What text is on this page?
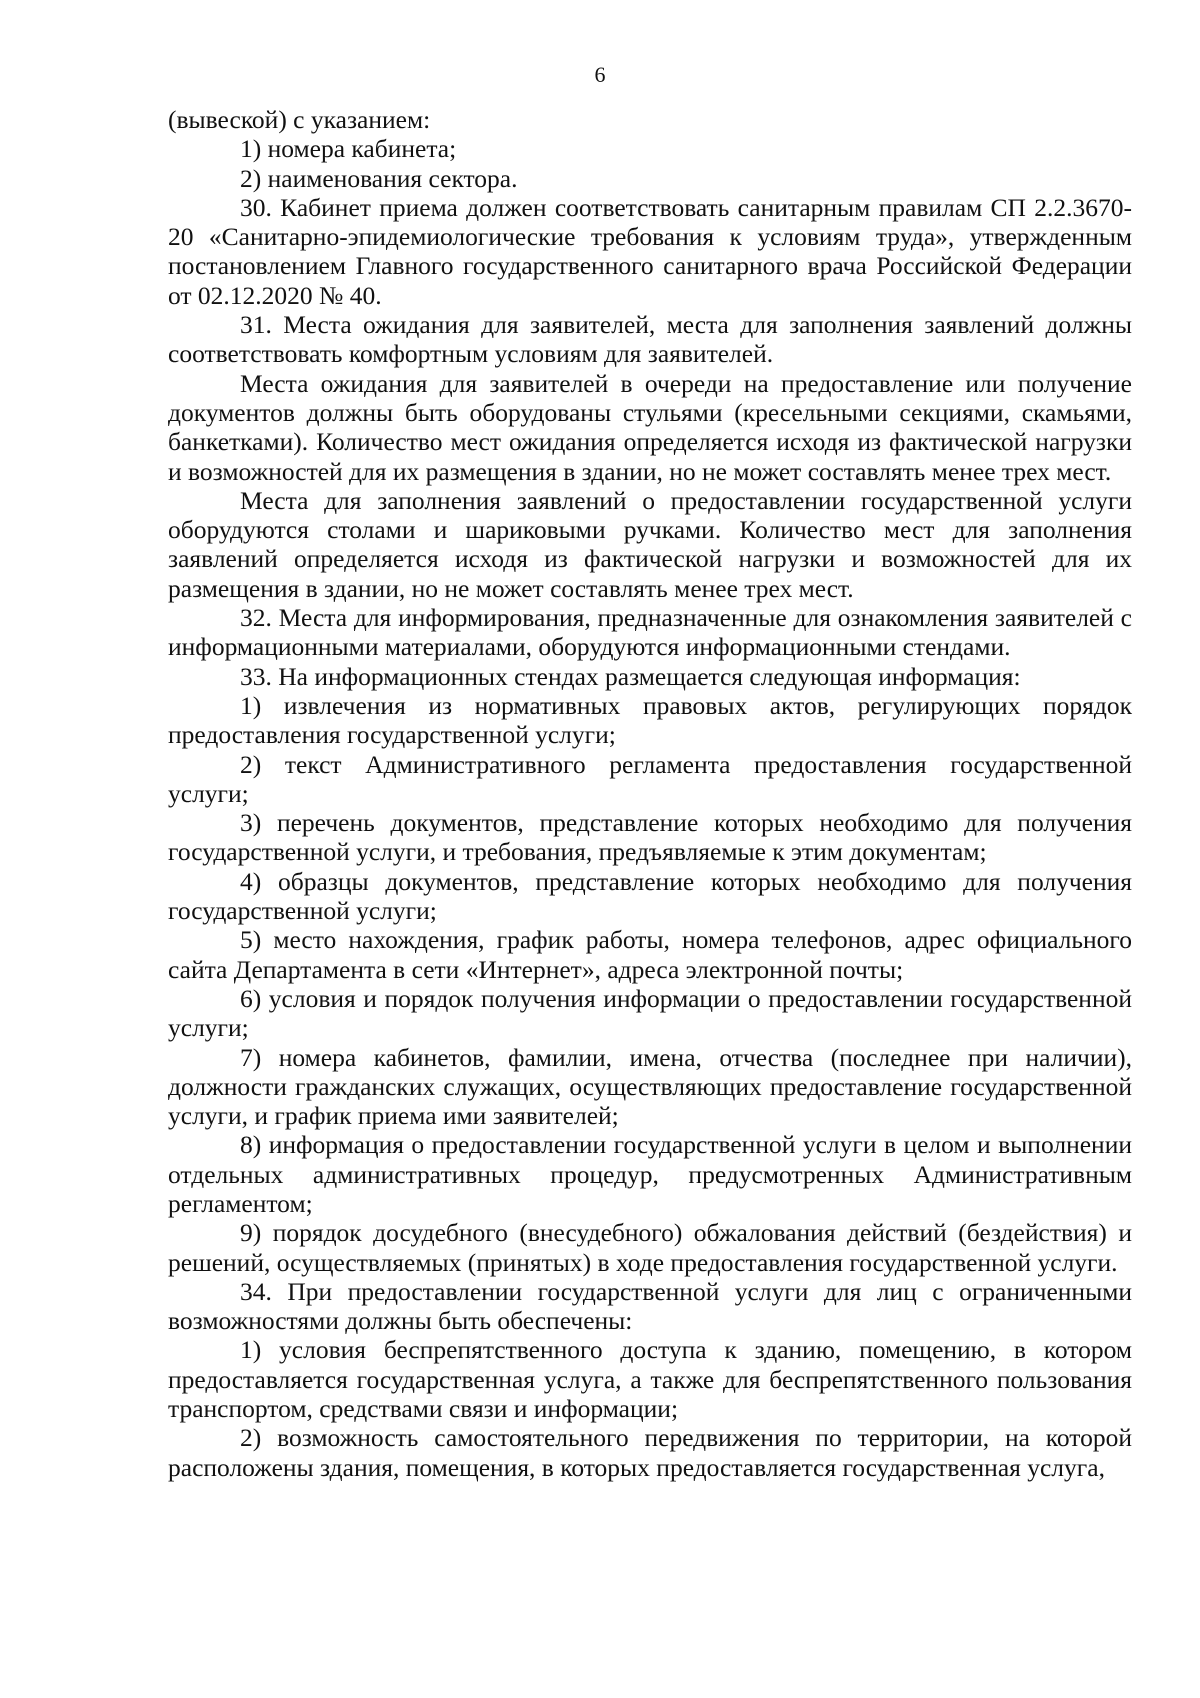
6

(вывеской) с указанием:

1) номера кабинета;

2) наименования сектора.

30. Кабинет приема должен соответствовать санитарным правилам СП 2.2.3670-20 «Санитарно-эпидемиологические требования к условиям труда», утвержденным постановлением Главного государственного санитарного врача Российской Федерации от 02.12.2020 № 40.

31. Места ожидания для заявителей, места для заполнения заявлений должны соответствовать комфортным условиям для заявителей.

Места ожидания для заявителей в очереди на предоставление или получение документов должны быть оборудованы стульями (кресельными секциями, скамьями, банкетками). Количество мест ожидания определяется исходя из фактической нагрузки и возможностей для их размещения в здании, но не может составлять менее трех мест.

Места для заполнения заявлений о предоставлении государственной услуги оборудуются столами и шариковыми ручками. Количество мест для заполнения заявлений определяется исходя из фактической нагрузки и возможностей для их размещения в здании, но не может составлять менее трех мест.

32. Места для информирования, предназначенные для ознакомления заявителей с информационными материалами, оборудуются информационными стендами.

33. На информационных стендах размещается следующая информация:

1) извлечения из нормативных правовых актов, регулирующих порядок предоставления государственной услуги;

2) текст Административного регламента предоставления государственной услуги;

3) перечень документов, представление которых необходимо для получения государственной услуги, и требования, предъявляемые к этим документам;

4) образцы документов, представление которых необходимо для получения государственной услуги;

5) место нахождения, график работы, номера телефонов, адрес официального сайта Департамента в сети «Интернет», адреса электронной почты;

6) условия и порядок получения информации о предоставлении государственной услуги;

7) номера кабинетов, фамилии, имена, отчества (последнее при наличии), должности гражданских служащих, осуществляющих предоставление государственной услуги, и график приема ими заявителей;

8) информация о предоставлении государственной услуги в целом и выполнении отдельных административных процедур, предусмотренных Административным регламентом;

9) порядок досудебного (внесудебного) обжалования действий (бездействия) и решений, осуществляемых (принятых) в ходе предоставления государственной услуги.

34. При предоставлении государственной услуги для лиц с ограниченными возможностями должны быть обеспечены:

1) условия беспрепятственного доступа к зданию, помещению, в котором предоставляется государственная услуга, а также для беспрепятственного пользования транспортом, средствами связи и информации;

2) возможность самостоятельного передвижения по территории, на которой расположены здания, помещения, в которых предоставляется государственная услуга,
